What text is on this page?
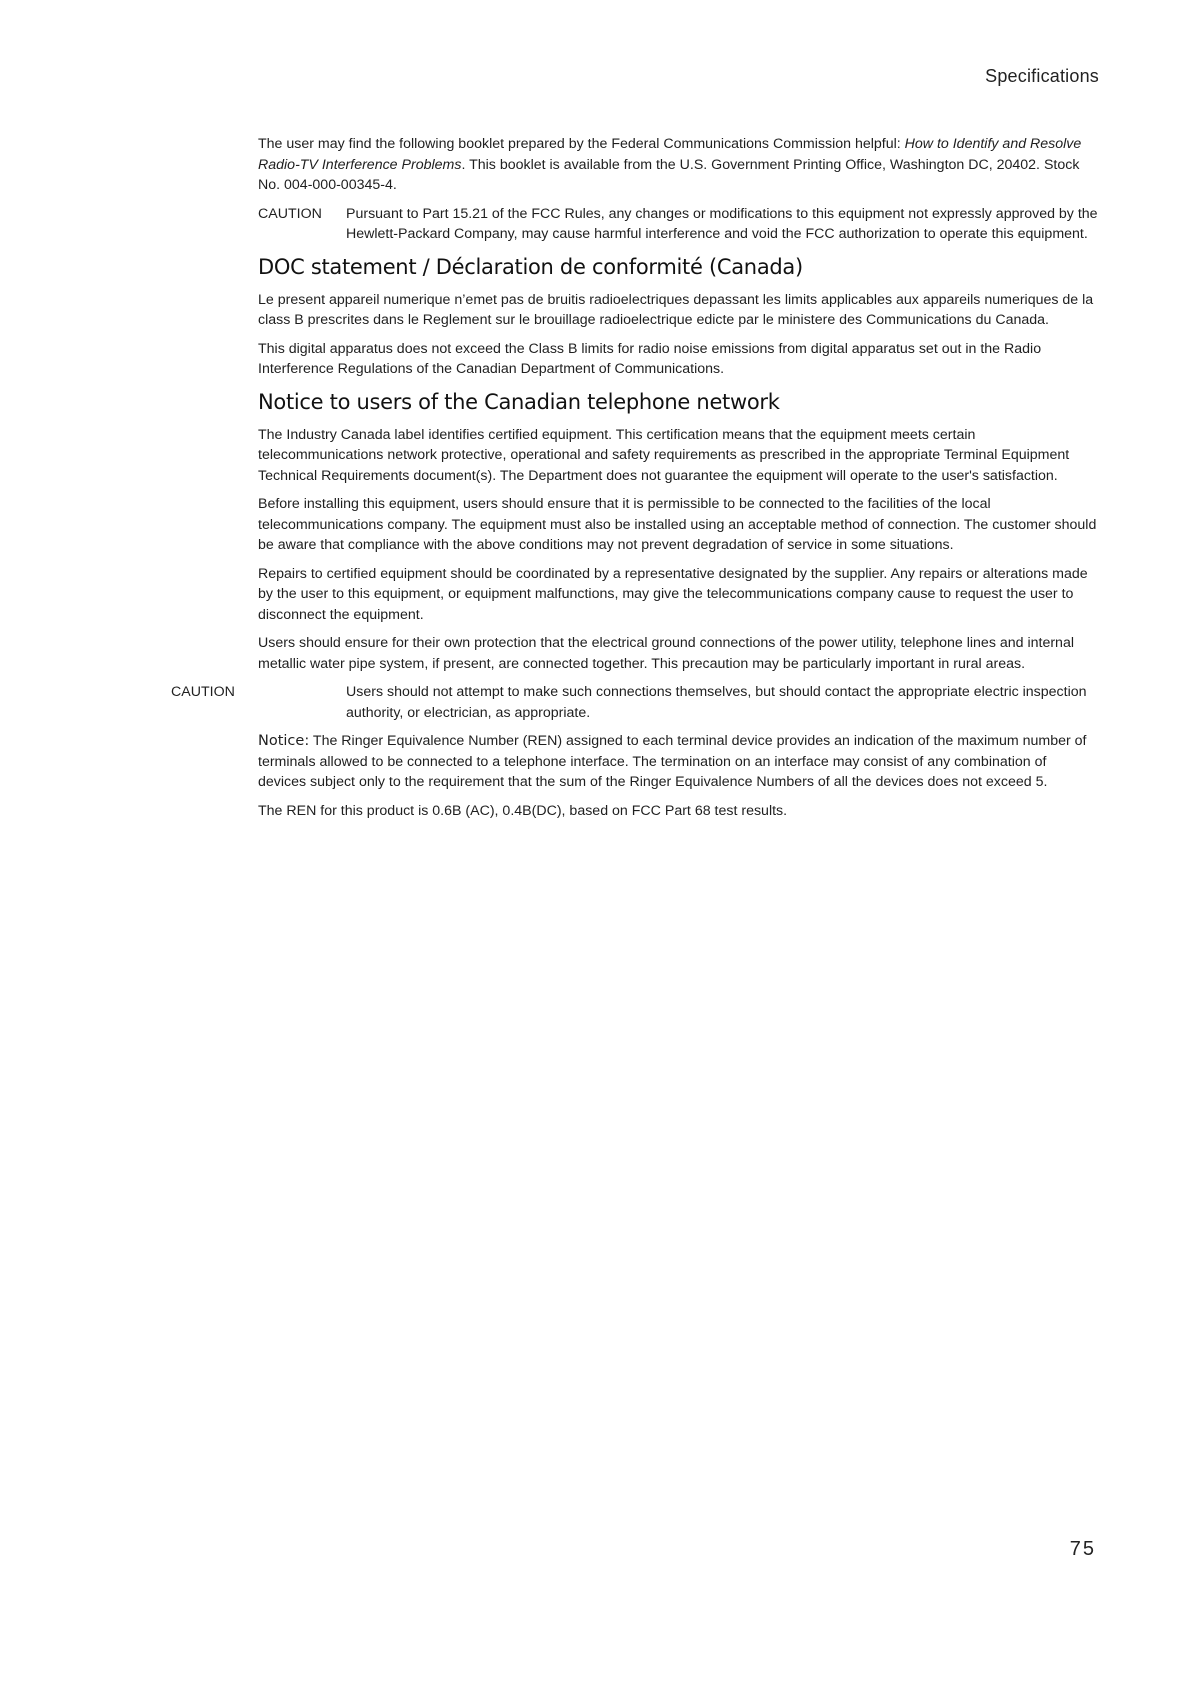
Specifications

The user may find the following booklet prepared by the Federal Communications Commission helpful: How to Identify and Resolve Radio-TV Interference Problems. This booklet is available from the U.S. Government Printing Office, Washington DC, 20402. Stock No. 004-000-00345-4.

CAUTION Pursuant to Part 15.21 of the FCC Rules, any changes or modifications to this equipment not expressly approved by the Hewlett-Packard Company, may cause harmful interference and void the FCC authorization to operate this equipment.
DOC statement / Déclaration de conformité (Canada)

Le present appareil numerique n’emet pas de bruitis radioelectriques depassant les limits applicables aux appareils numeriques de la class B prescrites dans le Reglement sur le brouillage radioelectrique edicte par le ministere des Communications du Canada.

This digital apparatus does not exceed the Class B limits for radio noise emissions from digital apparatus set out in the Radio Interference Regulations of the Canadian Department of Communications.

Notice to users of the Canadian telephone network

The Industry Canada label identifies certified equipment. This certification means that the equipment meets certain telecommunications network protective, operational and safety requirements as prescribed in the appropriate Terminal Equipment Technical Requirements document(s). The Department does not guarantee the equipment will operate to the user's satisfaction.

Before installing this equipment, users should ensure that it is permissible to be connected to the facilities of the local telecommunications company. The equipment must also be installed using an acceptable method of connection. The customer should be aware that compliance with the above conditions may not prevent degradation of service in some situations.

Repairs to certified equipment should be coordinated by a representative designated by the supplier. Any repairs or alterations made by the user to this equipment, or equipment malfunctions, may give the telecommunications company cause to request the user to disconnect the equipment.

Users should ensure for their own protection that the electrical ground connections of the power utility, telephone lines and internal metallic water pipe system, if present, are connected together. This precaution may be particularly important in rural areas.

CAUTION	Users should not attempt to make such connections themselves, but should contact the appropriate electric inspection authority, or electrician, as appropriate.

Notice: The Ringer Equivalence Number (REN) assigned to each terminal device provides an indication of the maximum number of terminals allowed to be connected to a telephone interface. The termination on an interface may consist of any combination of devices subject only to the requirement that the sum of the Ringer Equivalence Numbers of all the devices does not exceed 5.

The REN for this product is 0.6B (AC), 0.4B(DC), based on FCC Part 68 test results.

75
